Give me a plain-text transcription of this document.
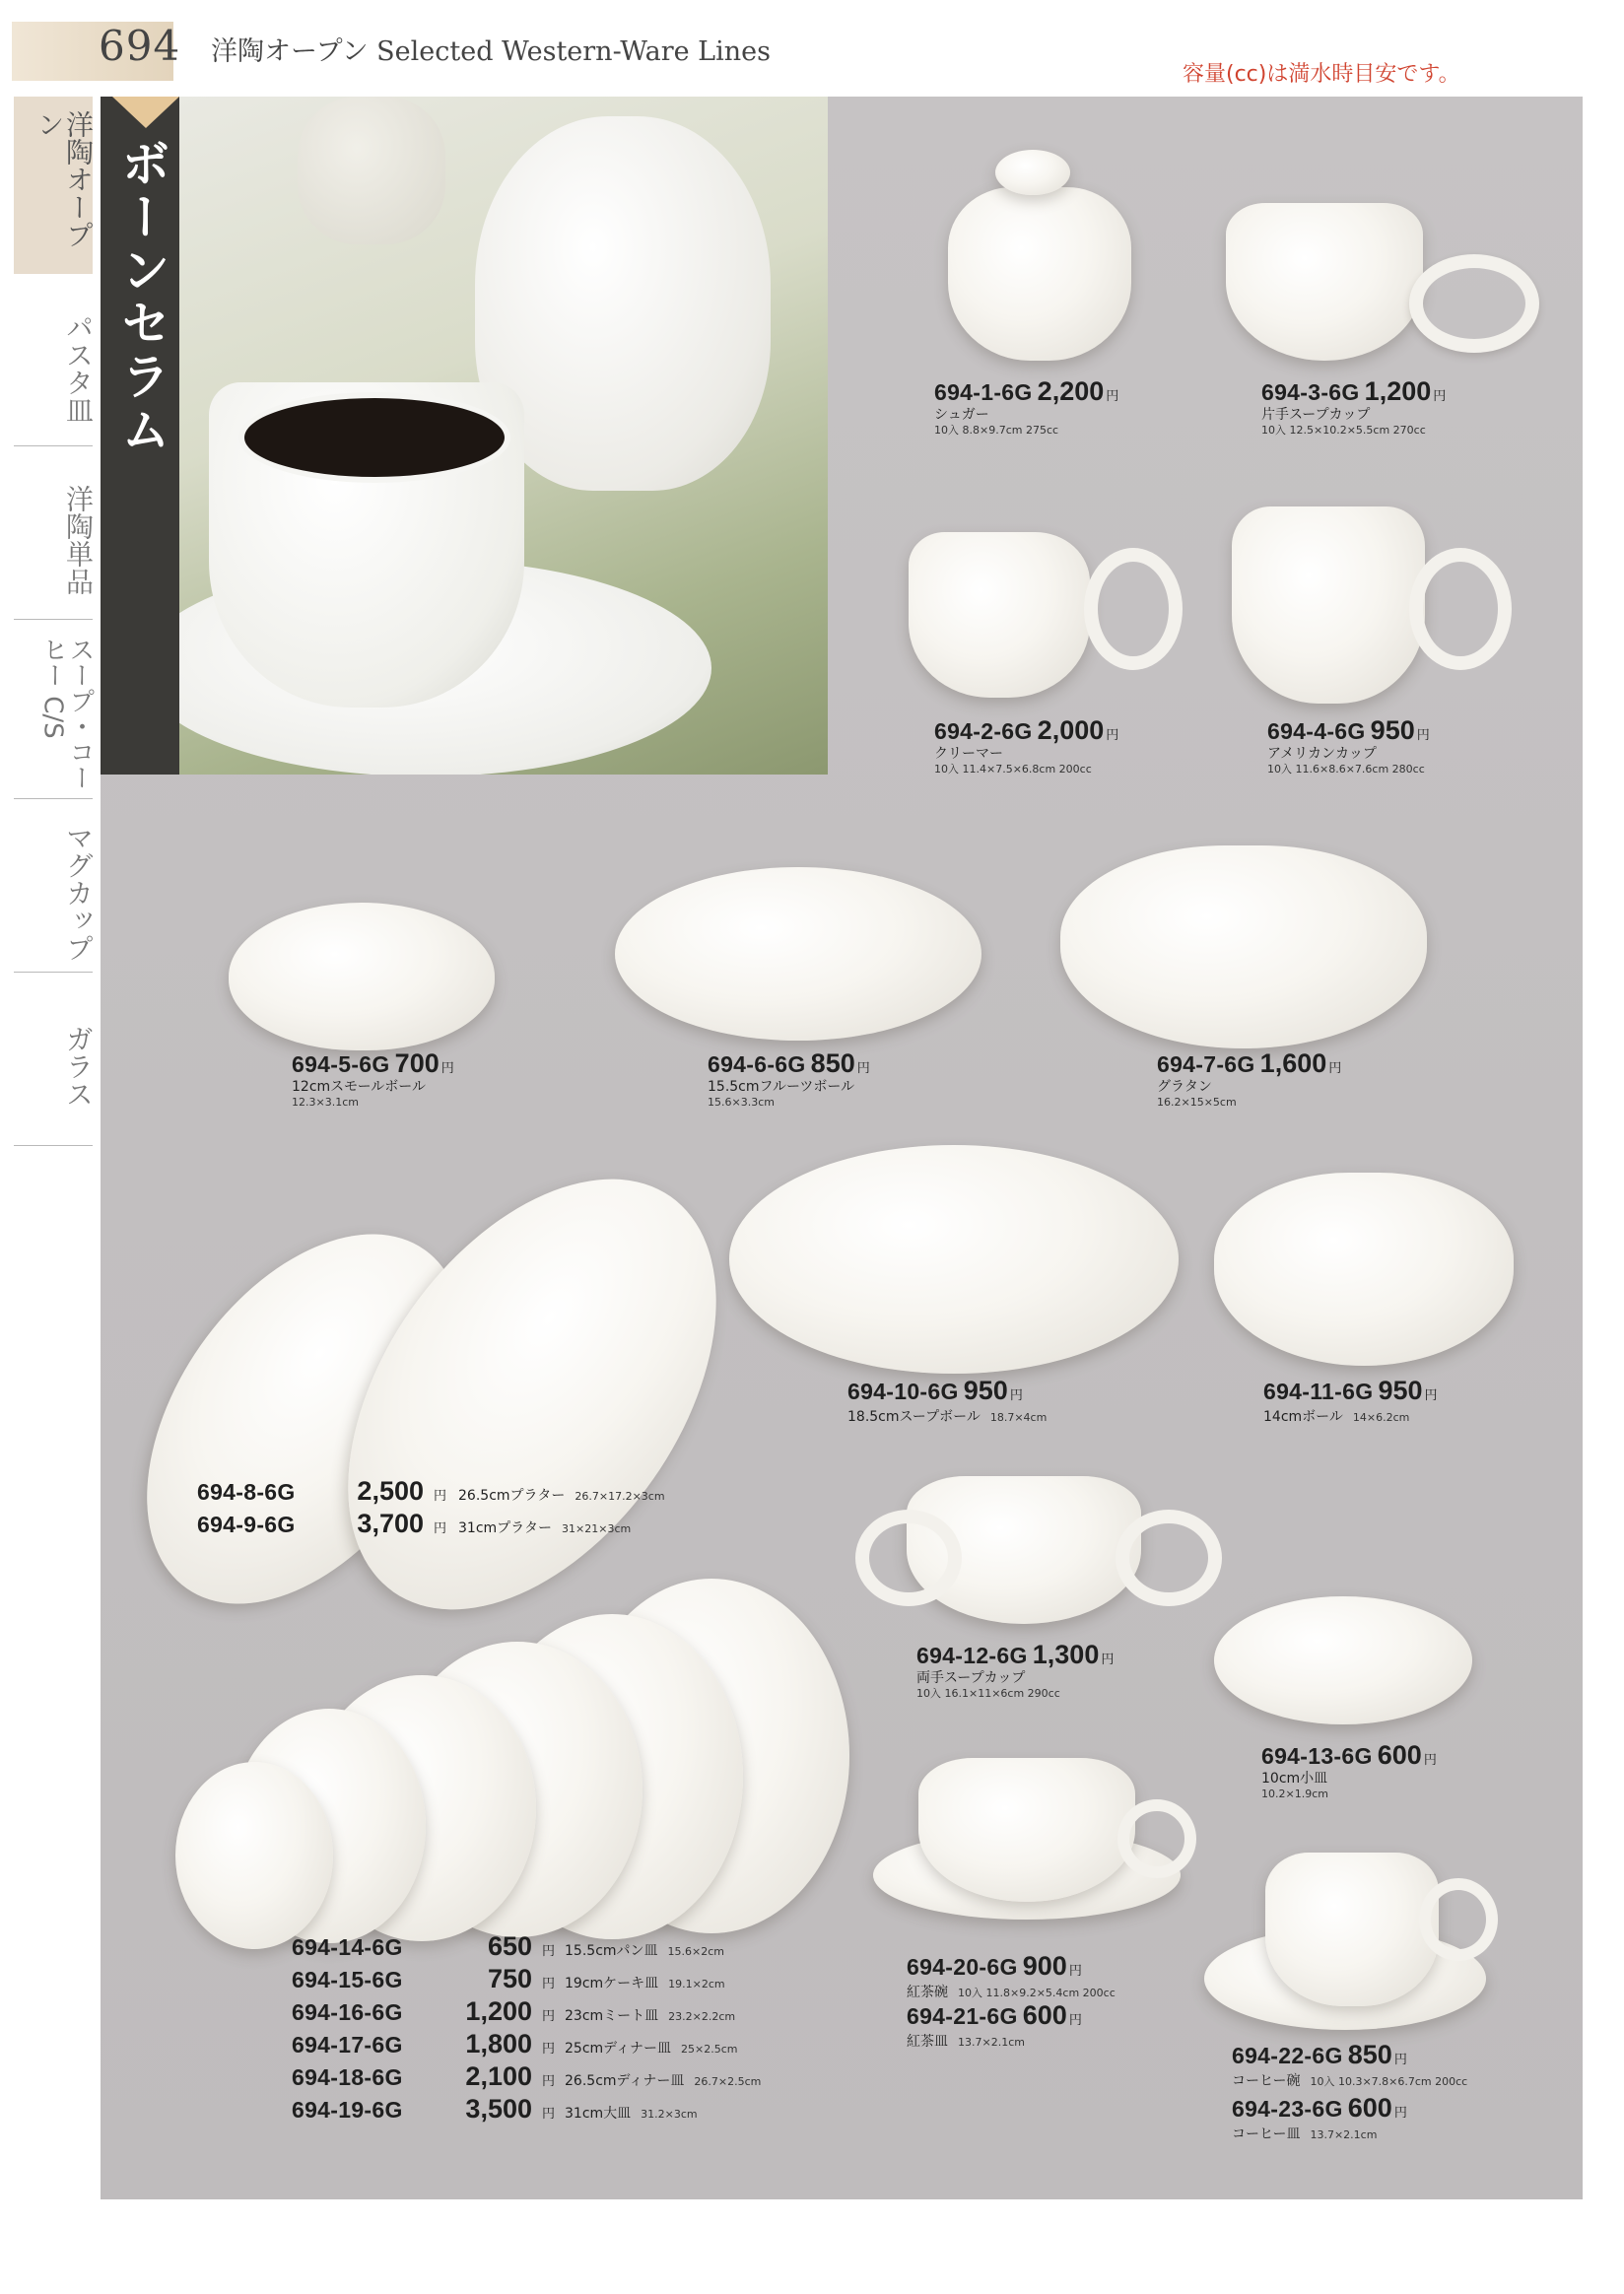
694 洋陶オープン Selected Western-Ware Lines
容量(cc)は満水時目安です。
洋陶オープン
パスタ皿
洋陶単品
スープ・コーヒー C/S
マグカップ
ガラス
ボーンセラム	694-1-6G 2,200 円
シュガー
10入 8.8×9.7cm 275cc
694-3-6G 1,200 円
片手スープカップ
10入 12.5×10.2×5.5cm 270cc
694-2-6G 2,000 円
クリーマー
10入 11.4×7.5×6.8cm 200cc
694-4-6G 950 円
アメリカンカップ
10入 11.6×8.6×7.6cm 280cc
694-5-6G 700 円
12cmスモールボール
12.3×3.1cm
694-6-6G 850 円
15.5cmフルーツボール
15.6×3.3cm
694-7-6G 1,600 円
グラタン
16.2×15×5cm
694-10-6G 950 円
18.5cmスープボール 18.7×4cm
694-11-6G 950 円
14cmボール 14×6.2cm
694-8-6G	2,500 円 26.5cmプラター 26.7×17.2×3cm
694-9-6G	3,700 円 31cmプラター 31×21×3cm
694-12-6G 1,300 円
両手スープカップ
10入 16.1×11×6cm 290cc
694-13-6G 600 円
10cm小皿
10.2×1.9cm
694-14-6G	650 円 15.5cmパン皿 15.6×2cm
694-15-6G	750 円 19cmケーキ皿 19.1×2cm
694-16-6G	1,200 円 23cmミート皿 23.2×2.2cm
694-17-6G	1,800 円 25cmディナー皿 25×2.5cm
694-18-6G	2,100 円 26.5cmディナー皿 26.7×2.5cm
694-19-6G	3,500 円 31cm大皿 31.2×3cm
694-20-6G 900 円
紅茶碗 10入 11.8×9.2×5.4cm 200cc
694-21-6G 600 円
紅茶皿 13.7×2.1cm
694-22-6G 850 円
コーヒー碗 10入 10.3×7.8×6.7cm 200cc
694-23-6G 600 円
コーヒー皿 13.7×2.1cm
